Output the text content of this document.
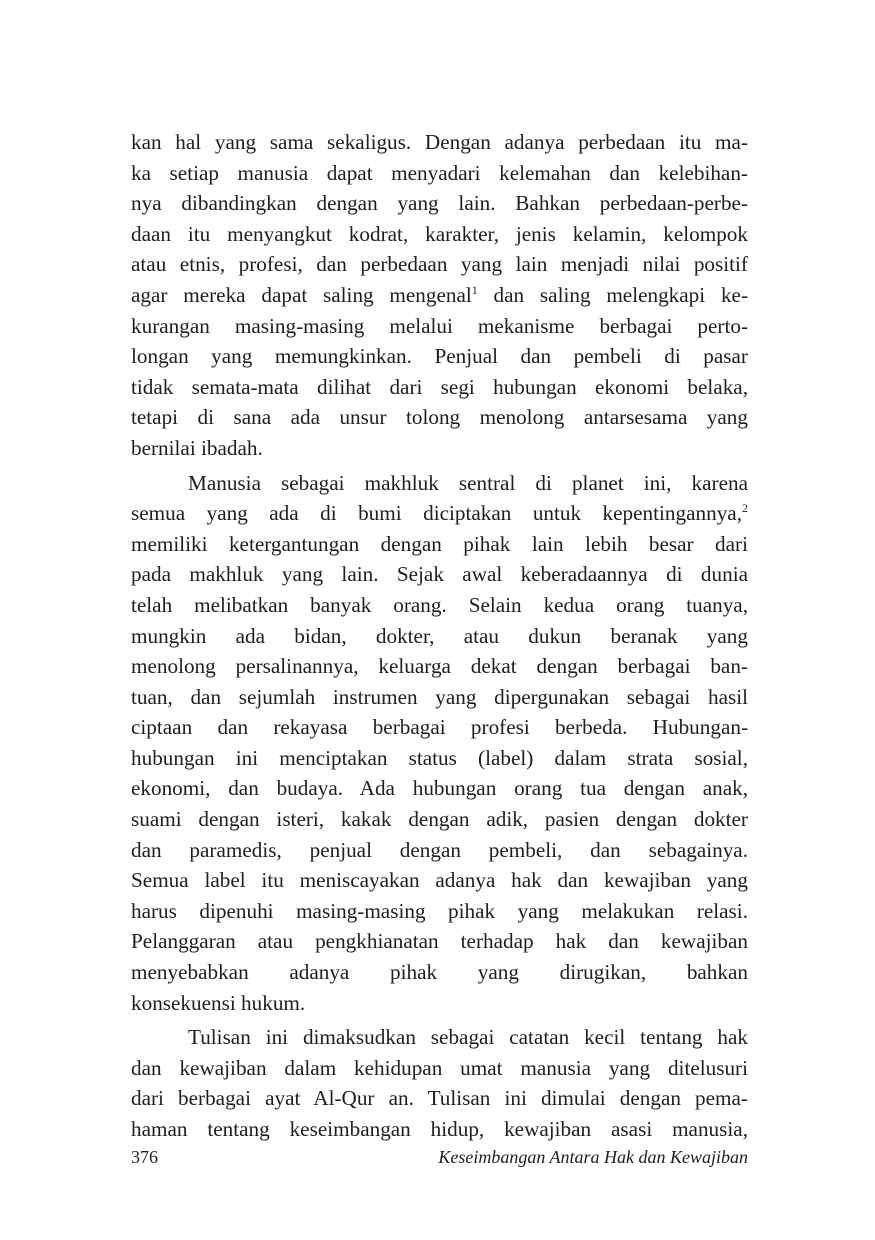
kan hal yang sama sekaligus. Dengan adanya perbedaan itu ma-
ka setiap manusia dapat menyadari kelemahan dan kelebihan-
nya dibandingkan dengan yang lain. Bahkan perbedaan-perbe-
daan itu menyangkut kodrat, karakter, jenis kelamin, kelompok
atau etnis, profesi, dan perbedaan yang lain menjadi nilai positif
agar mereka dapat saling mengenal$^1$ dan saling melengkapi ke-
kurangan masing-masing melalui mekanisme berbagai perto-
longan yang memungkinkan. Penjual dan pembeli di pasar
tidak semata-mata dilihat dari segi hubungan ekonomi belaka,
tetapi di sana ada unsur tolong menolong antarsesama yang
bernilai ibadah.
Manusia sebagai makhluk sentral di planet ini, karena
semua yang ada di bumi diciptakan untuk kepentingannya,$^2$
memiliki ketergantungan dengan pihak lain lebih besar dari
pada makhluk yang lain. Sejak awal keberadaannya di dunia
telah melibatkan banyak orang. Selain kedua orang tuanya,
mungkin ada bidan, dokter, atau dukun beranak yang
menolong persalinannya, keluarga dekat dengan berbagai ban-
tuan, dan sejumlah instrumen yang dipergunakan sebagai hasil
ciptaan dan rekayasa berbagai profesi berbeda. Hubungan-
hubungan ini menciptakan status (label) dalam strata sosial,
ekonomi, dan budaya. Ada hubungan orang tua dengan anak,
suami dengan isteri, kakak dengan adik, pasien dengan dokter
dan paramedis, penjual dengan pembeli, dan sebagainya.
Semua label itu meniscayakan adanya hak dan kewajiban yang
harus dipenuhi masing-masing pihak yang melakukan relasi.
Pelanggaran atau pengkhianatan terhadap hak dan kewajiban
menyebabkan adanya pihak yang dirugikan, bahkan
konsekuensi hukum.
Tulisan ini dimaksudkan sebagai catatan kecil tentang hak
dan kewajiban dalam kehidupan umat manusia yang ditelusuri
dari berbagai ayat Al-Qur an. Tulisan ini dimulai dengan pema-
haman tentang keseimbangan hidup, kewajiban asasi manusia,
376	Keseimbangan Antara Hak dan Kewajiban
